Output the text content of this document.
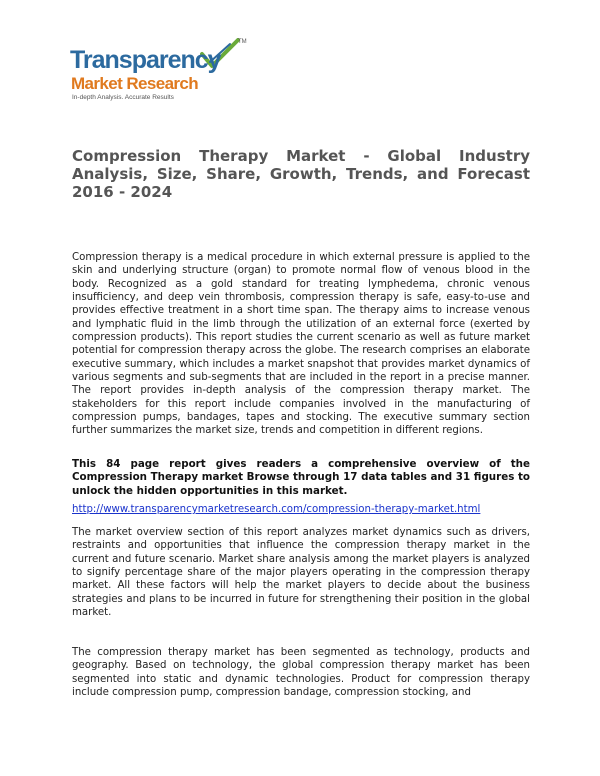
TM
Transparency
Market Research
In-depth Analysis. Accurate Results
Compression Therapy Market - Global Industry Analysis, Size, Share, Growth, Trends, and Forecast 2016 - 2024

Compression therapy is a medical procedure in which external pressure is applied to the skin and underlying structure (organ) to promote normal flow of venous blood in the body. Recognized as a gold standard for treating lymphedema, chronic venous insufficiency, and deep vein thrombosis, compression therapy is safe, easy-to-use and provides effective treatment in a short time span. The therapy aims to increase venous and lymphatic fluid in the limb through the utilization of an external force (exerted by compression products). This report studies the current scenario as well as future market potential for compression therapy across the globe. The research comprises an elaborate executive summary, which includes a market snapshot that provides market dynamics of various segments and sub-segments that are included in the report in a precise manner. The report provides in-depth analysis of the compression therapy market. The stakeholders for this report include companies involved in the manufacturing of compression pumps, bandages, tapes and stocking. The executive summary section further summarizes the market size, trends and competition in different regions.

This 84 page report gives readers a comprehensive overview of the Compression Therapy market Browse through 17 data tables and 31 figures to unlock the hidden opportunities in this market.

http://www.transparencymarketresearch.com/compression-therapy-market.html

The market overview section of this report analyzes market dynamics such as drivers, restraints and opportunities that influence the compression therapy market in the current and future scenario. Market share analysis among the market players is analyzed to signify percentage share of the major players operating in the compression therapy market. All these factors will help the market players to decide about the business strategies and plans to be incurred in future for strengthening their position in the global market.

The compression therapy market has been segmented as technology, products and geography. Based on technology, the global compression therapy market has been segmented into static and dynamic technologies. Product for compression therapy include compression pump, compression bandage, compression stocking, and
